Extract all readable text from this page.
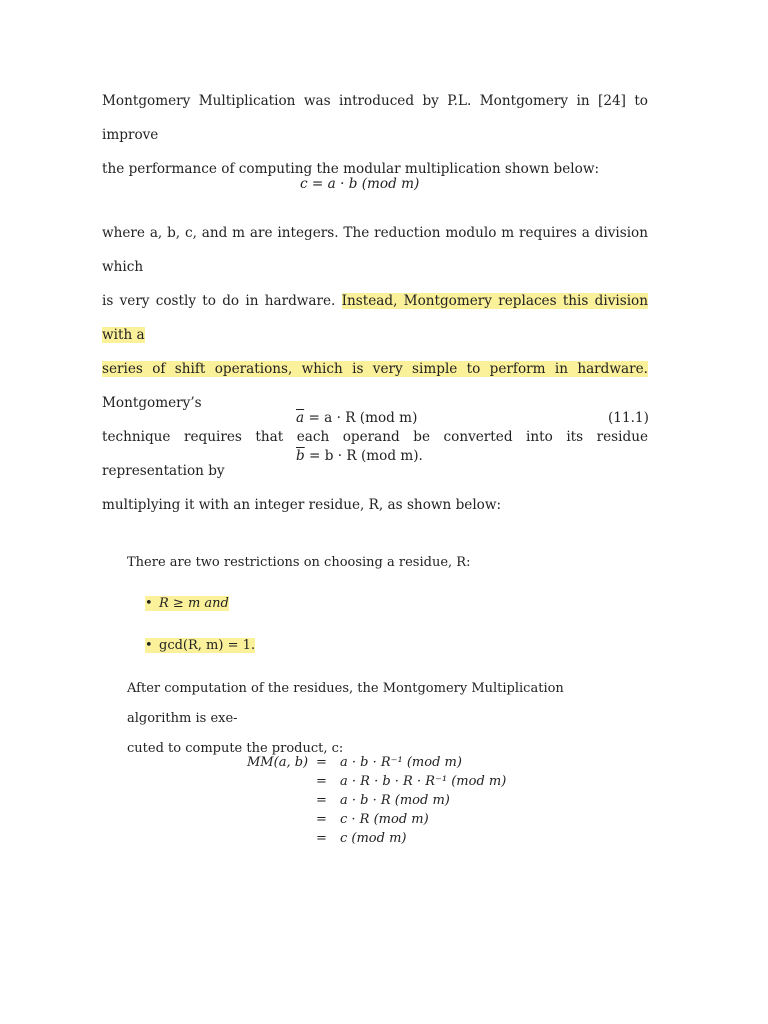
Montgomery Multiplication was introduced by P.L. Montgomery in [24] to improve
the performance of computing the modular multiplication shown below:
c = a · b (mod m)
where a, b, c, and m are integers. The reduction modulo m requires a division which
is very costly to do in hardware. Instead, Montgomery replaces this division with a
series of shift operations, which is very simple to perform in hardware. Montgomery’s
technique requires that each operand be converted into its residue representation by
multiplying it with an integer residue, R, as shown below:
$\overline{a} = a \cdot R$ (mod m)	(11.1)
$\overline{b} = b \cdot R$ (mod m).
There are two restrictions on choosing a residue, R:
• R ≥ m and
• gcd(R, m) = 1.
After computation of the residues, the Montgomery Multiplication algorithm is exe-
cuted to compute the product, c:
MM(a, b) = a · b · R⁻¹ (mod m)
= a · R · b · R · R⁻¹ (mod m)
= a · b · R (mod m)
= c · R (mod m)
= c (mod m)
